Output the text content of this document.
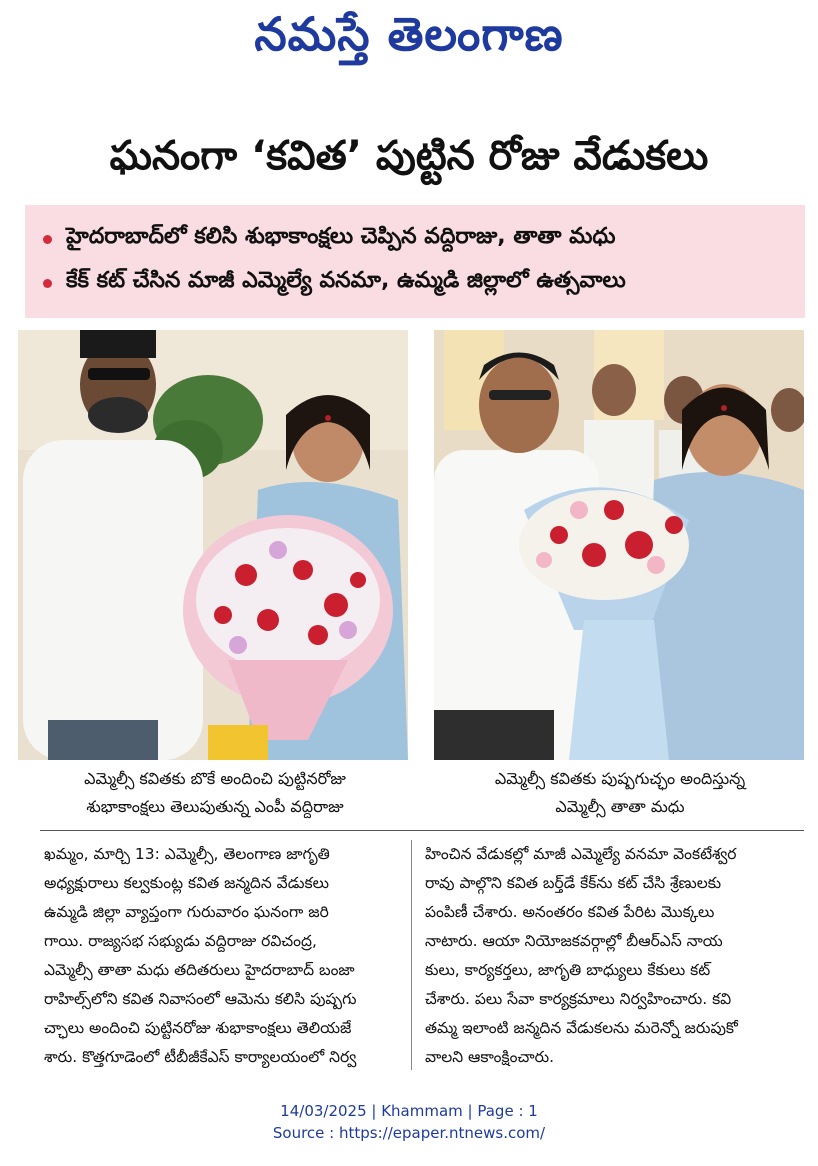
నమస్తే తెలంగాణ
ఘనంగా ‘కవిత’ పుట్టిన రోజు వేడుకలు
హైదరాబాద్‌లో కలిసి శుభాకాంక్షలు చెప్పిన వద్దిరాజు, తాతా మధు
కేక్ కట్ చేసిన మాజీ ఎమ్మెల్యే వనమా, ఉమ్మడి జిల్లాలో ఉత్సవాలు
ఎమ్మెల్సీ కవితకు బొకే అందించి పుట్టినరోజు
శుభాకాంక్షలు తెలుపుతున్న ఎంపీ వద్దిరాజు
ఎమ్మెల్సీ కవితకు పుష్పగుచ్ఛం అందిస్తున్న
ఎమ్మెల్సీ తాతా మధు
ఖమ్మం, మార్చి 13: ఎమ్మెల్సీ, తెలంగాణ జాగృతి
అధ్యక్షురాలు కల్వకుంట్ల కవిత జన్మదిన వేడుకలు
ఉమ్మడి జిల్లా వ్యాప్తంగా గురువారం ఘనంగా జరి
గాయి. రాజ్యసభ సభ్యుడు వద్దిరాజు రవిచంద్ర,
ఎమ్మెల్సీ తాతా మధు తదితరులు హైదరాబాద్ బంజా
రాహిల్స్‌లోని కవిత నివాసంలో ఆమెను కలిసి పుష్పగు
చ్ఛాలు అందించి పుట్టినరోజు శుభాకాంక్షలు తెలియజే
శారు. కొత్తగూడెంలో టీబీజీకేఎస్ కార్యాలయంలో నిర్వ
హించిన వేడుకల్లో మాజీ ఎమ్మెల్యే వనమా వెంకటేశ్వర
రావు పాల్గొని కవిత బర్త్‌డే కేక్‌ను కట్ చేసి శ్రేణులకు
పంపిణీ చేశారు. అనంతరం కవిత పేరిట మొక్కలు
నాటారు. ఆయా నియోజకవర్గాల్లో బీఆర్ఎస్ నాయ
కులు, కార్యకర్తలు, జాగృతి బాధ్యులు కేకులు కట్
చేశారు. పలు సేవా కార్యక్రమాలు నిర్వహించారు. కవి
తమ్మ ఇలాంటి జన్మదిన వేడుకలను మరెన్నో జరుపుకో
వాలని ఆకాంక్షించారు.
14/03/2025 | Khammam | Page : 1
Source : https://epaper.ntnews.com/
